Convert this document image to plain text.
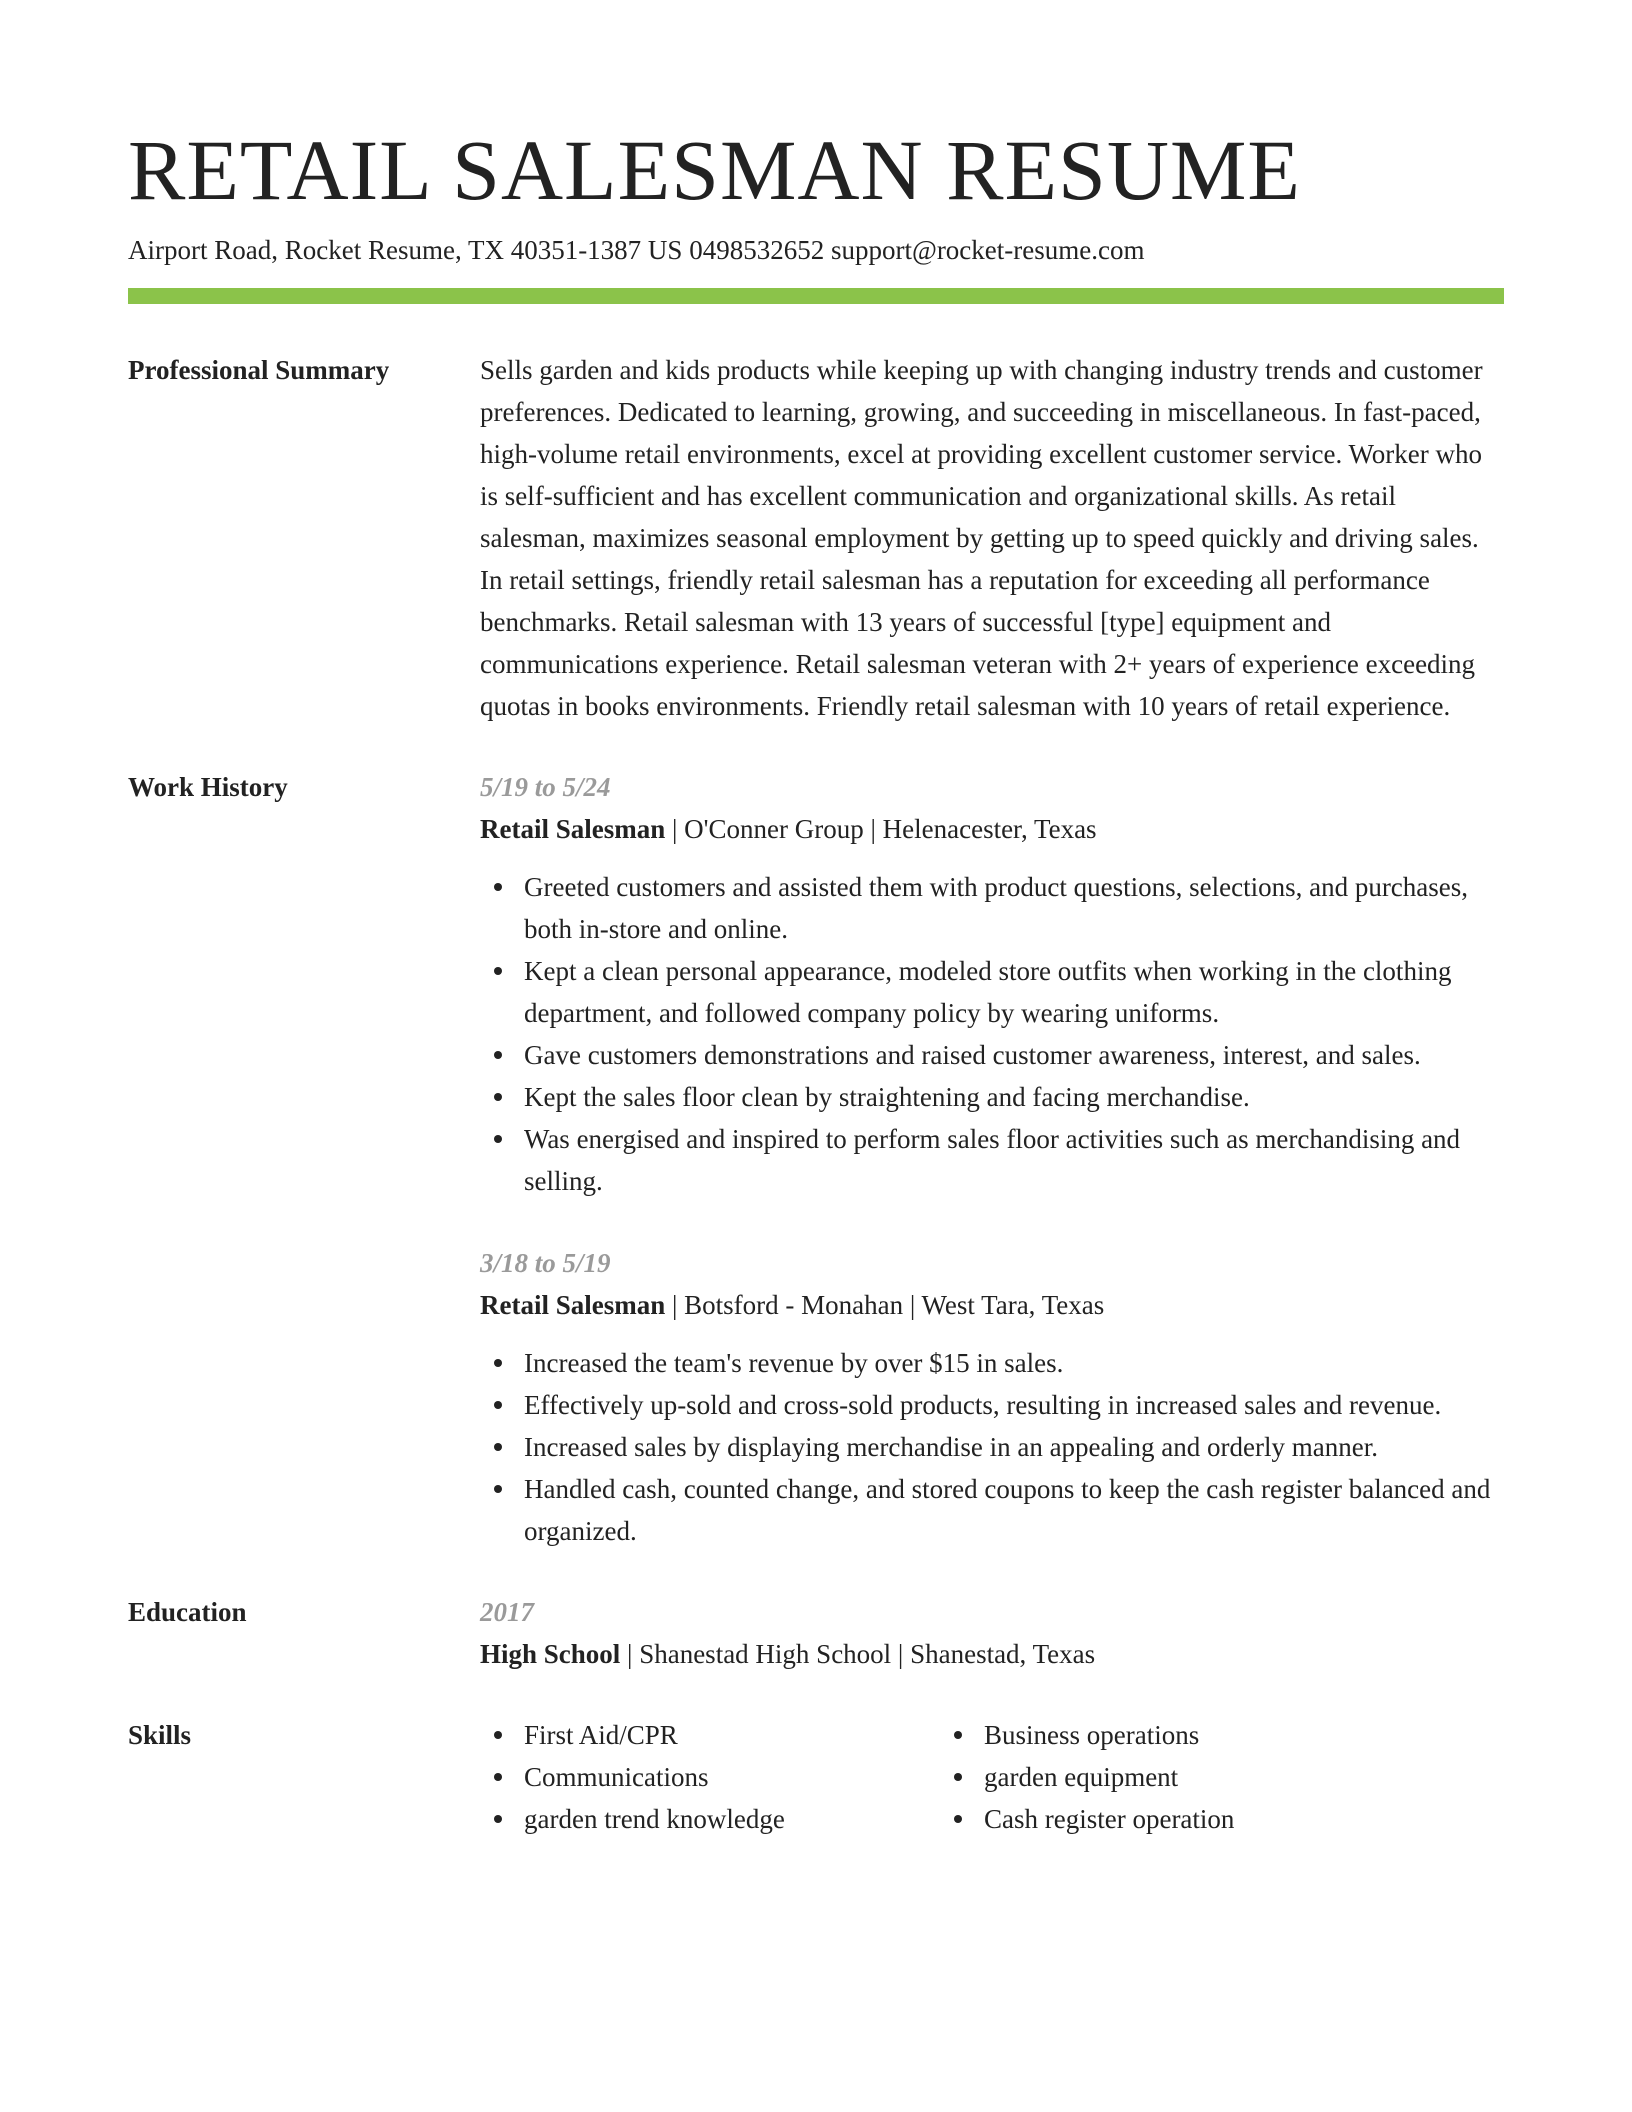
RETAIL SALESMAN RESUME
Airport Road, Rocket Resume, TX 40351-1387 US 0498532652 support@rocket-resume.com
Professional Summary	Sells garden and kids products while keeping up with changing industry trends and customer preferences. Dedicated to learning, growing, and succeeding in miscellaneous. In fast-paced, high-volume retail environments, excel at providing excellent customer service. Worker who is self-sufficient and has excellent communication and organizational skills. As retail salesman, maximizes seasonal employment by getting up to speed quickly and driving sales. In retail settings, friendly retail salesman has a reputation for exceeding all performance benchmarks. Retail salesman with 13 years of successful [type] equipment and communications experience. Retail salesman veteran with 2+ years of experience exceeding quotas in books environments. Friendly retail salesman with 10 years of retail experience.

Work History	5/19 to 5/24
Retail Salesman | O'Conner Group | Helenacester, Texas
Greeted customers and assisted them with product questions, selections, and purchases, both in-store and online.
Kept a clean personal appearance, modeled store outfits when working in the clothing department, and followed company policy by wearing uniforms.
Gave customers demonstrations and raised customer awareness, interest, and sales.
Kept the sales floor clean by straightening and facing merchandise.
Was energised and inspired to perform sales floor activities such as merchandising and selling.
3/18 to 5/19
Retail Salesman | Botsford - Monahan | West Tara, Texas
Increased the team's revenue by over $15 in sales.
Effectively up-sold and cross-sold products, resulting in increased sales and revenue.
Increased sales by displaying merchandise in an appealing and orderly manner.
Handled cash, counted change, and stored coupons to keep the cash register balanced and organized.
Education	2017
High School | Shanestad High School | Shanestad, Texas
Skills	First Aid/CPR
Communications
garden trend knowledge
Business operations
garden equipment
Cash register operation
